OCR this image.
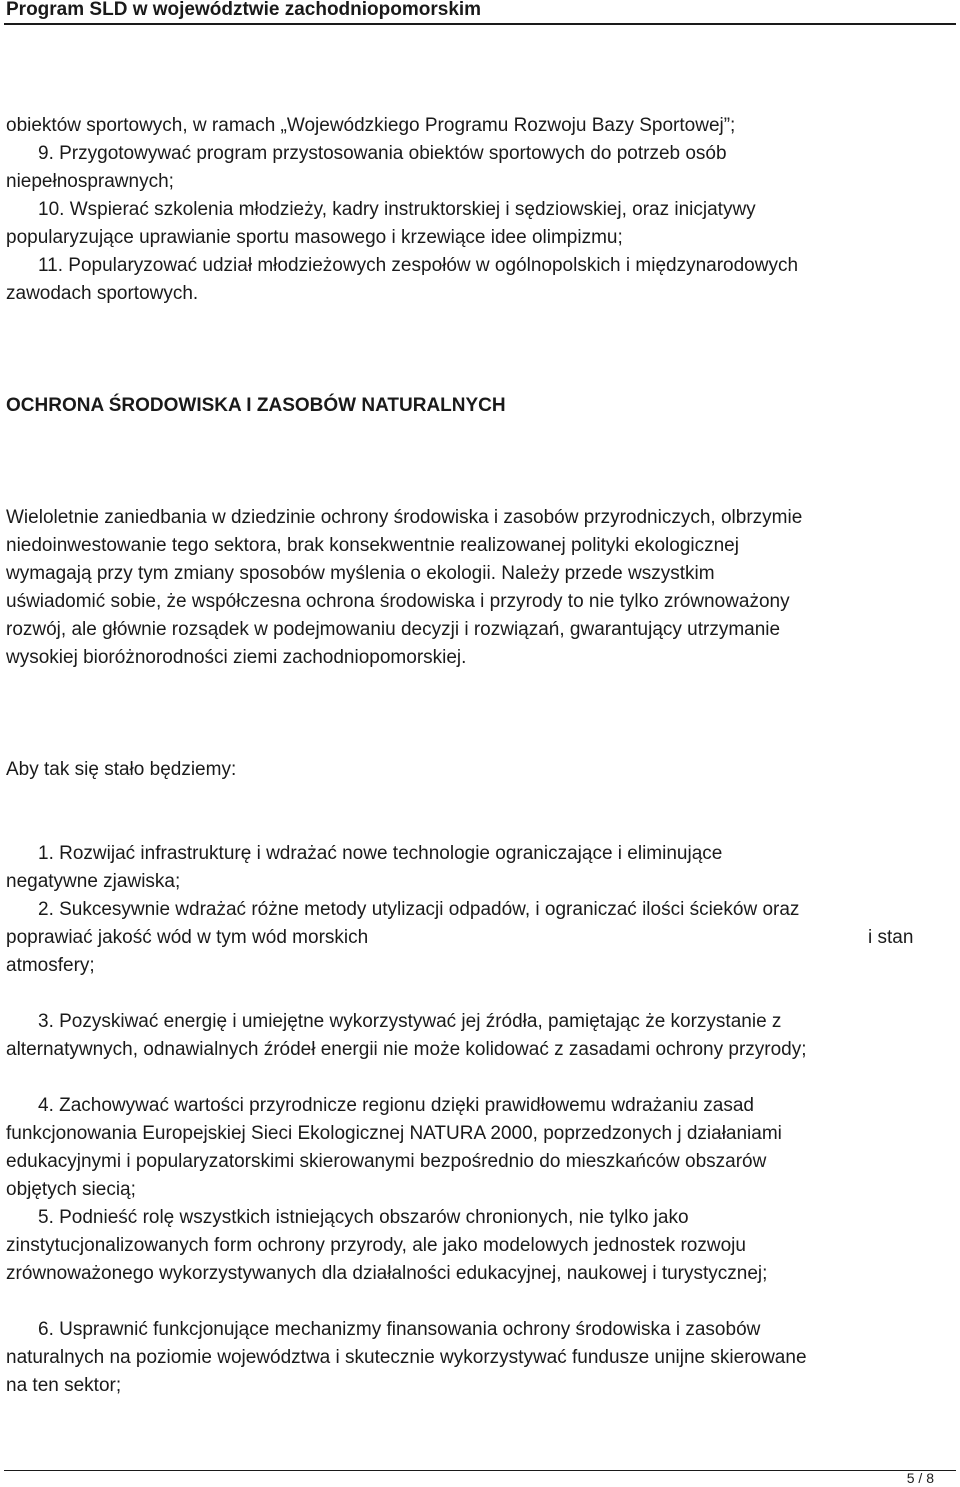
Program SLD w województwie zachodniopomorskim
obiektów sportowych, w ramach „Wojewódzkiego Programu Rozwoju Bazy Sportowej”;
9. Przygotowywać program przystosowania obiektów sportowych do potrzeb osób
niepełnosprawnych;
10. Wspierać szkolenia młodzieży, kadry instruktorskiej i sędziowskiej, oraz inicjatywy
popularyzujące uprawianie sportu masowego i krzewiące idee olimpizmu;
11. Popularyzować udział młodzieżowych zespołów w ogólnopolskich i międzynarodowych
zawodach sportowych.
OCHRONA ŚRODOWISKA I ZASOBÓW NATURALNYCH
Wieloletnie zaniedbania w dziedzinie ochrony środowiska i zasobów przyrodniczych, olbrzymie
niedoinwestowanie tego sektora, brak konsekwentnie realizowanej polityki ekologicznej
wymagają przy tym zmiany sposobów myślenia o ekologii. Należy przede wszystkim
uświadomić sobie, że współczesna ochrona środowiska i przyrody to nie tylko zrównoważony
rozwój, ale głównie rozsądek w podejmowaniu decyzji i rozwiązań, gwarantujący utrzymanie
wysokiej bioróżnorodności ziemi zachodniopomorskiej.
Aby tak się stało będziemy:
1. Rozwijać infrastrukturę i wdrażać nowe technologie ograniczające i eliminujące
negatywne zjawiska;
2. Sukcesywnie wdrażać różne metody utylizacji odpadów, i ograniczać ilości ścieków oraz
poprawiać jakość wód w tym wód morskich	i stan
atmosfery;
3. Pozyskiwać energię i umiejętne wykorzystywać jej źródła, pamiętając że korzystanie z
alternatywnych, odnawialnych źródeł energii nie może kolidować z zasadami ochrony przyrody;
4. Zachowywać wartości przyrodnicze regionu dzięki prawidłowemu wdrażaniu zasad
funkcjonowania Europejskiej Sieci Ekologicznej NATURA 2000, poprzedzonych j działaniami
edukacyjnymi i popularyzatorskimi skierowanymi bezpośrednio do mieszkańców obszarów
objętych siecią;
5. Podnieść rolę wszystkich istniejących obszarów chronionych, nie tylko jako
zinstytucjonalizowanych form ochrony przyrody, ale jako modelowych jednostek rozwoju
zrównoważonego wykorzystywanych dla działalności edukacyjnej, naukowej i turystycznej;
6. Usprawnić funkcjonujące mechanizmy finansowania ochrony środowiska i zasobów
naturalnych na poziomie województwa i skutecznie wykorzystywać fundusze unijne skierowane
na ten sektor;
5 / 8
